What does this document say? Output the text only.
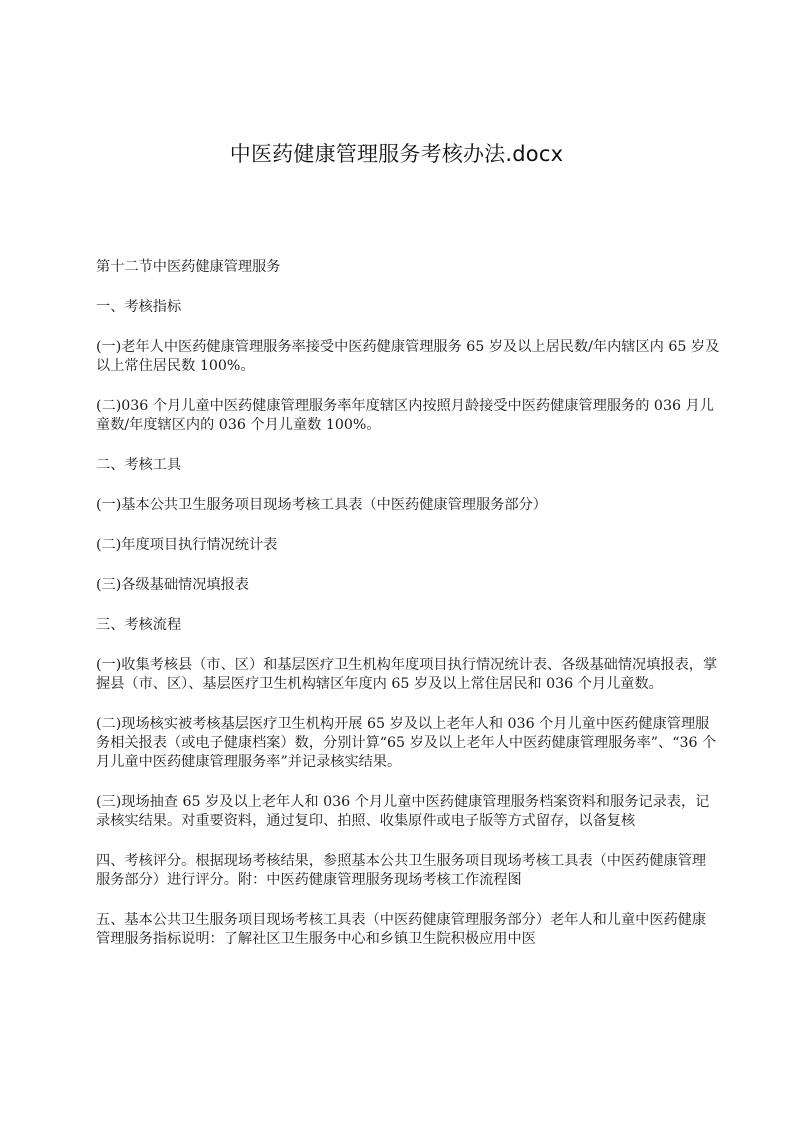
中医药健康管理服务考核办法.docx

第十二节中医药健康管理服务

一、考核指标

(一)老年人中医药健康管理服务率接受中医药健康管理服务 65 岁及以上居民数/年内辖区内 65 岁及以上常住居民数 100%。

(二)036 个月儿童中医药健康管理服务率年度辖区内按照月龄接受中医药健康管理服务的 036 月儿童数/年度辖区内的 036 个月儿童数 100%。

二、考核工具

(一)基本公共卫生服务项目现场考核工具表（中医药健康管理服务部分）

(二)年度项目执行情况统计表

(三)各级基础情况填报表

三、考核流程

(一)收集考核县（市、区）和基层医疗卫生机构年度项目执行情况统计表、各级基础情况填报表，掌握县（市、区）、基层医疗卫生机构辖区年度内 65 岁及以上常住居民和 036 个月儿童数。

(二)现场核实被考核基层医疗卫生机构开展 65 岁及以上老年人和 036 个月儿童中医药健康管理服务相关报表（或电子健康档案）数，分别计算“65 岁及以上老年人中医药健康管理服务率”、“36 个月儿童中医药健康管理服务率”并记录核实结果。

(三)现场抽查 65 岁及以上老年人和 036 个月儿童中医药健康管理服务档案资料和服务记录表，记录核实结果。对重要资料，通过复印、拍照、收集原件或电子版等方式留存，以备复核

四、考核评分。根据现场考核结果，参照基本公共卫生服务项目现场考核工具表（中医药健康管理服务部分）进行评分。附：中医药健康管理服务现场考核工作流程图

五、基本公共卫生服务项目现场考核工具表（中医药健康管理服务部分）老年人和儿童中医药健康管理服务指标说明：了解社区卫生服务中心和乡镇卫生院积极应用中医
